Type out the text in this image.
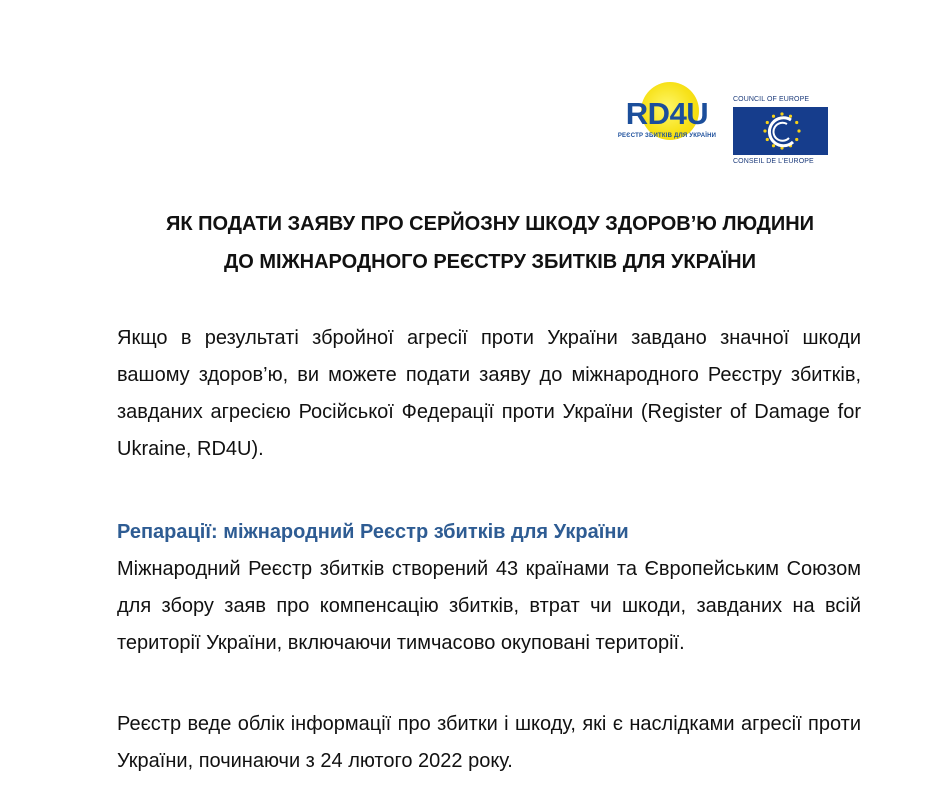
RD4U
РЕЄСТР ЗБИТКІВ ДЛЯ УКРАЇНИ
COUNCIL OF EUROPE
CONSEIL DE L'EUROPE
ЯК ПОДАТИ ЗАЯВУ ПРО СЕРЙОЗНУ ШКОДУ ЗДОРОВ’Ю ЛЮДИНИ
ДО МІЖНАРОДНОГО РЕЄСТРУ ЗБИТКІВ ДЛЯ УКРАЇНИ
Якщо в результаті збройної агресії проти України завдано значної шкоди вашому здоров’ю, ви можете подати заяву до міжнародного Реєстру збитків, завданих агресією Російської Федерації проти України (Register of Damage for Ukraine, RD4U).
Репарації: міжнародний Реєстр збитків для України
Міжнародний Реєстр збитків створений 43 країнами та Європейським Союзом для збору заяв про компенсацію збитків, втрат чи шкоди, завданих на всій території України, включаючи тимчасово окуповані території.
Реєстр веде облік інформації про збитки і шкоду, які є наслідками агресії проти України, починаючи з 24 лютого 2022 року.
